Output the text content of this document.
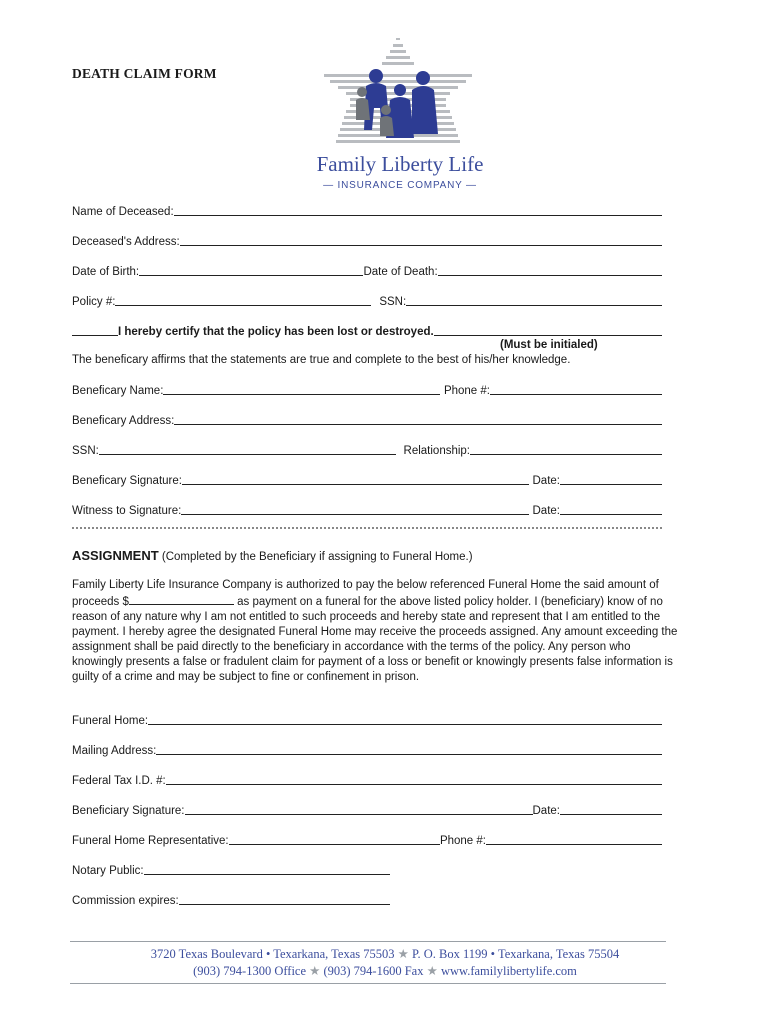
DEATH CLAIM FORM
Family Liberty Life
— INSURANCE COMPANY —
Name of Deceased:
Deceased's Address:
Date of Birth:	Date of Death:
Policy #:	SSN:
I hereby certify that the policy has been lost or destroyed.
(Must be initialed)
The beneficary affirms that the statements are true and complete to the best of his/her knowledge.
Beneficary Name:	Phone #:
Beneficary Address:
SSN:	Relationship:
Beneficary Signature:	Date:
Witness to Signature:	Date:
ASSIGNMENT (Completed by the Beneficiary if assigning to Funeral Home.)
Family Liberty Life Insurance Company is authorized to pay the below referenced Funeral Home the said amount of proceeds $	as payment on a funeral for the above listed policy holder. I (beneficiary) know of no reason of any nature why I am not entitled to such proceeds and hereby state and represent that I am entitled to the payment. I hereby agree the designated Funeral Home may receive the proceeds assigned. Any amount exceeding the assignment shall be paid directly to the beneficiary in accordance with the terms of the policy. Any person who knowingly presents a false or fradulent claim for payment of a loss or benefit or knowingly presents false information is guilty of a crime and may be subject to fine or confinement in prison.
Funeral Home:
Mailing Address:
Federal Tax I.D. #:
Beneficiary Signature:	Date:
Funeral Home Representative:	Phone #:
Notary Public:
Commission expires:
3720 Texas Boulevard • Texarkana, Texas 75503 ★ P. O. Box 1199 • Texarkana, Texas 75504
(903) 794-1300 Office ★ (903) 794-1600 Fax ★ www.familylibertylife.com
